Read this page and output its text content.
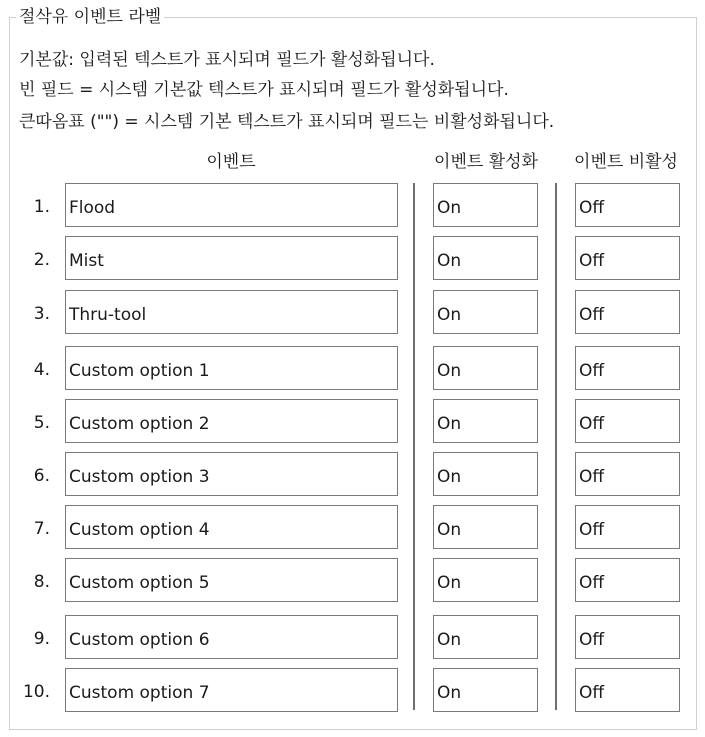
절삭유 이벤트 라벨
기본값: 입력된 텍스트가 표시되며 필드가 활성화됩니다.
빈 필드 = 시스템 기본값 텍스트가 표시되며 필드가 활성화됩니다.
큰따옴표 ("") = 시스템 기본 텍스트가 표시되며 필드는 비활성화됩니다.
이벤트	이벤트 활성화	이벤트 비활성
1.
Flood
On
Off
2.
Mist
On
Off
3.
Thru-tool
On
Off
4.
Custom option 1
On
Off
5.
Custom option 2
On
Off
6.
Custom option 3
On
Off
7.
Custom option 4
On
Off
8.
Custom option 5
On
Off
9.
Custom option 6
On
Off
10.
Custom option 7
On
Off
